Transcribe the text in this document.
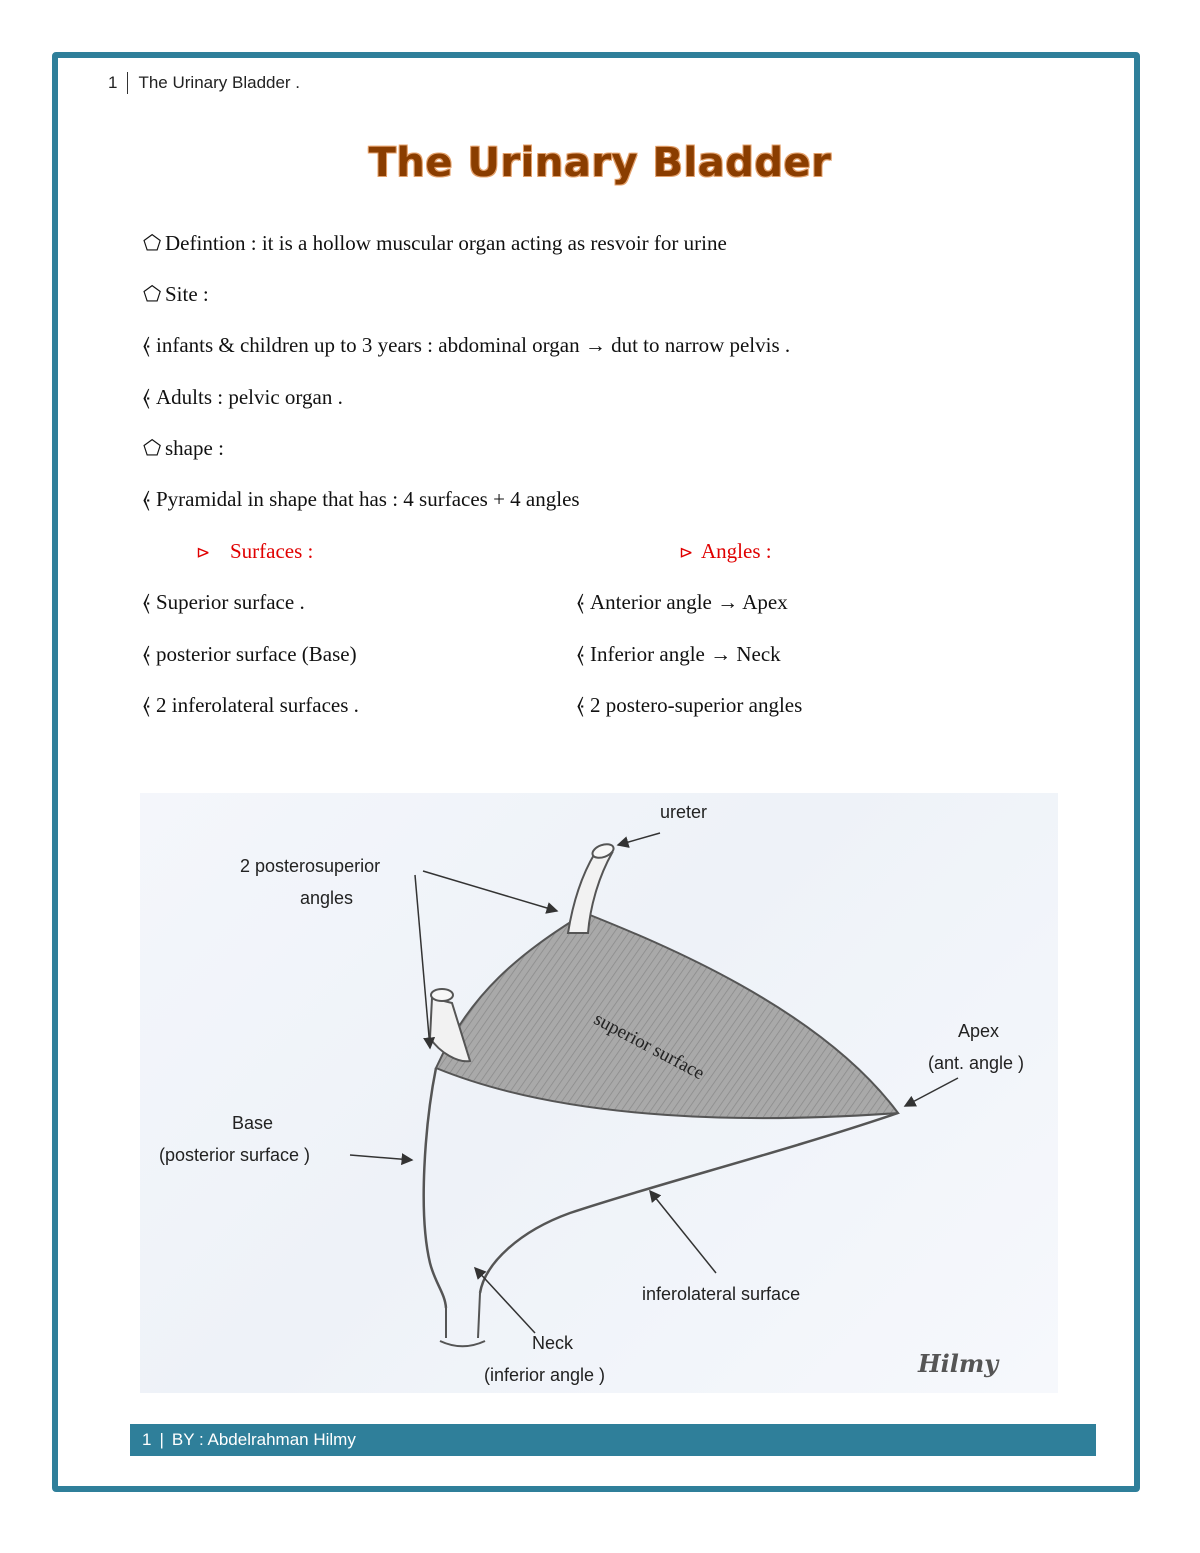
1 The Urinary Bladder .
The Urinary Bladder
⬠ Defintion : it is a hollow muscular organ acting as resvoir for urine
⬠ Site :
⦑ infants & children up to 3 years : abdominal organ → dut to narrow pelvis .
⦑ Adults : pelvic organ .
⬠ shape :
⦑ Pyramidal in shape that has : 4 surfaces + 4 angles
⊳ Surfaces :	⊳ Angles :
⦑ Superior surface .
⦑ posterior surface (Base)
⦑ 2 inferolateral surfaces .
⦑ Anterior angle → Apex
⦑ Inferior angle → Neck
⦑ 2 postero-superior angles
ureter
2 posterosuperior
angles
superior surface	Apex
(ant. angle )
Base
(posterior surface )
inferolateral surface
Neck
(inferior angle )	Hilmy
1 | BY : Abdelrahman Hilmy
